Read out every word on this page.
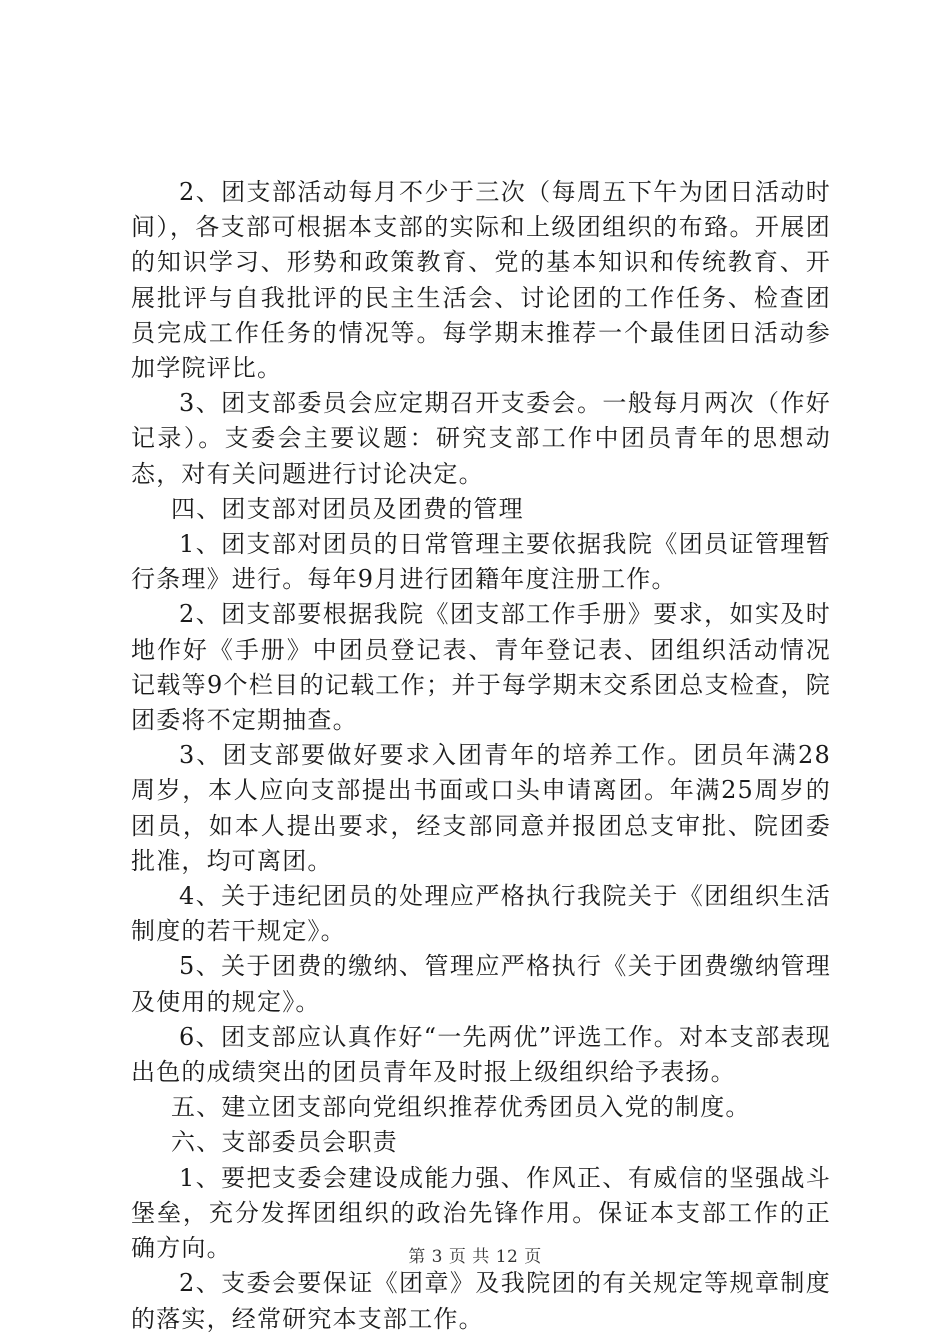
2、团支部活动每月不少于三次（每周五下午为团日活动时间），各支部可根据本支部的实际和上级团组织的布臵。开展团的知识学习、形势和政策教育、党的基本知识和传统教育、开展批评与自我批评的民主生活会、讨论团的工作任务、检查团员完成工作任务的情况等。每学期末推荐一个最佳团日活动参加学院评比。

3、团支部委员会应定期召开支委会。一般每月两次（作好记录）。支委会主要议题：研究支部工作中团员青年的思想动态，对有关问题进行讨论决定。

四、团支部对团员及团费的管理

1、团支部对团员的日常管理主要依据我院《团员证管理暂行条理》进行。每年9月进行团籍年度注册工作。

2、团支部要根据我院《团支部工作手册》要求，如实及时地作好《手册》中团员登记表、青年登记表、团组织活动情况记载等9个栏目的记载工作；并于每学期末交系团总支检查，院团委将不定期抽查。

3、团支部要做好要求入团青年的培养工作。团员年满28周岁，本人应向支部提出书面或口头申请离团。年满25周岁的团员，如本人提出要求，经支部同意并报团总支审批、院团委批准，均可离团。

4、关于违纪团员的处理应严格执行我院关于《团组织生活制度的若干规定》。

5、关于团费的缴纳、管理应严格执行《关于团费缴纳管理及使用的规定》。

6、团支部应认真作好“一先两优”评选工作。对本支部表现出色的成绩突出的团员青年及时报上级组织给予表扬。

五、建立团支部向党组织推荐优秀团员入党的制度。

六、支部委员会职责

1、要把支委会建设成能力强、作风正、有威信的坚强战斗堡垒，充分发挥团组织的政治先锋作用。保证本支部工作的正确方向。

2、支委会要保证《团章》及我院团的有关规定等规章制度的落实，经常研究本支部工作。

第 3 页 共 12 页
